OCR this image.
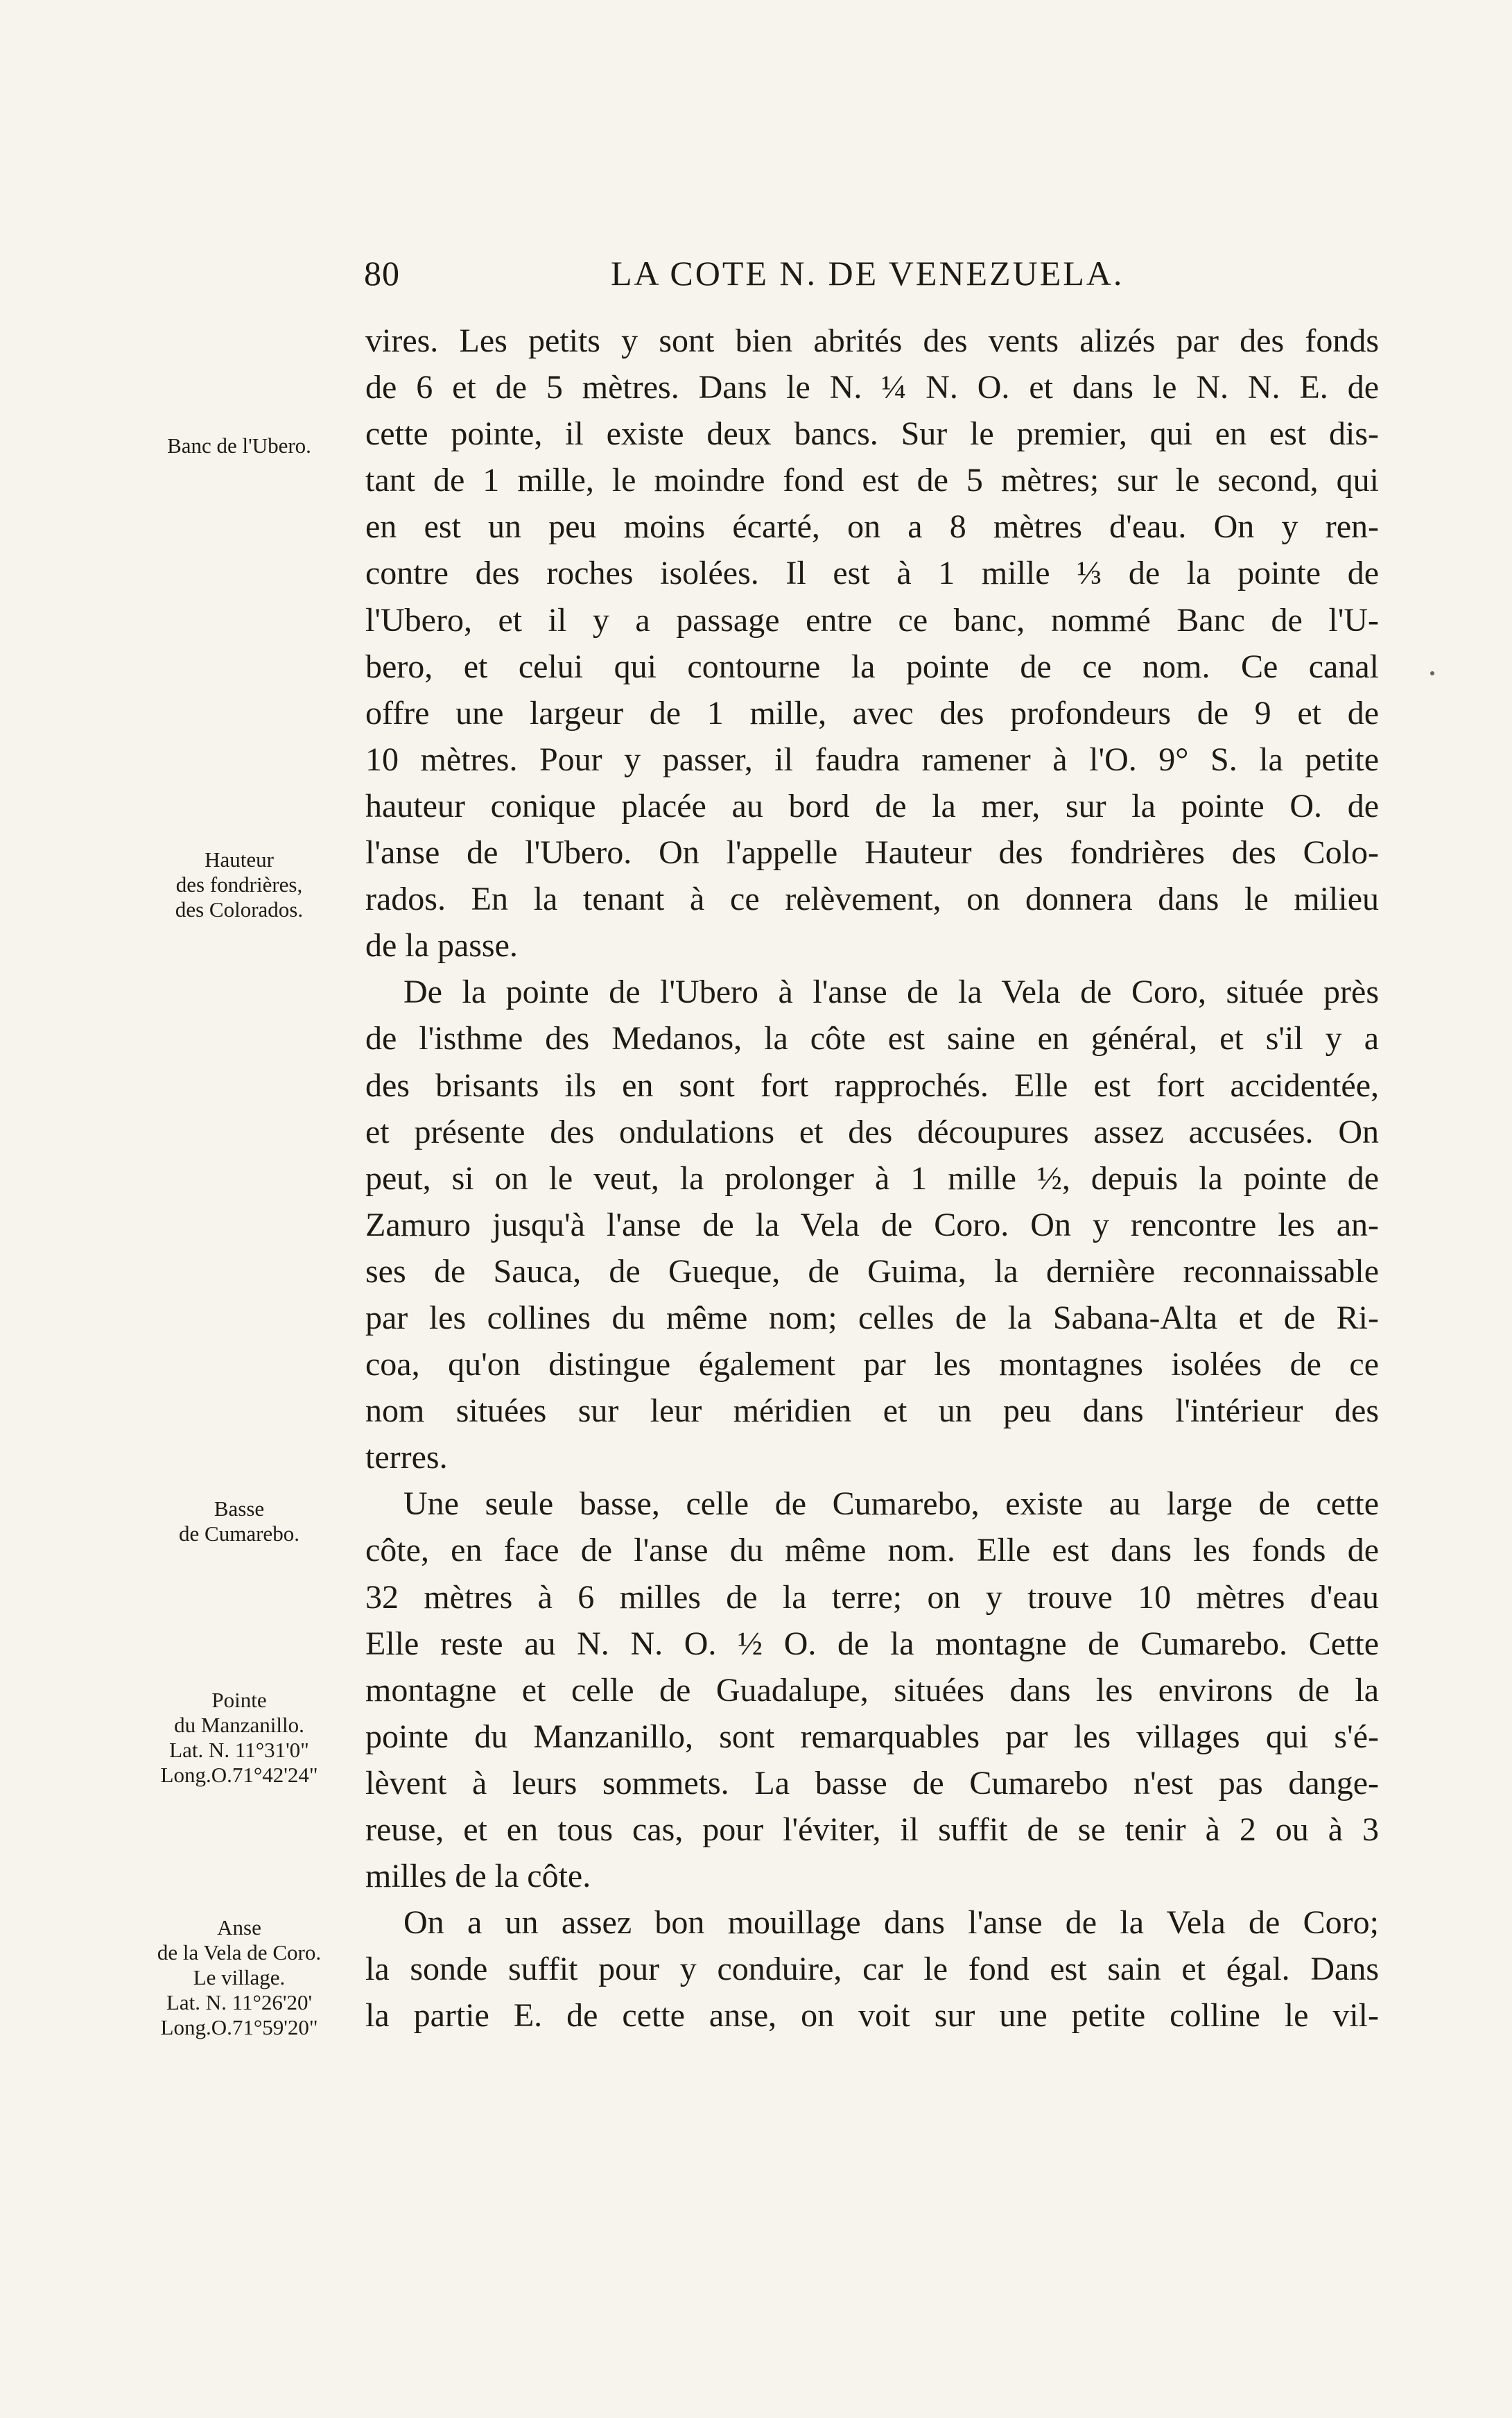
80	LA COTE N. DE VENEZUELA.
vires. Les petits y sont bien abrités des vents alizés par des fonds
de 6 et de 5 mètres. Dans le N. ¼ N. O. et dans le N. N. E. de
cette pointe, il existe deux bancs. Sur le premier, qui en est dis-
tant de 1 mille, le moindre fond est de 5 mètres; sur le second, qui
en est un peu moins écarté, on a 8 mètres d'eau. On y ren-
contre des roches isolées. Il est à 1 mille ⅓ de la pointe de
l'Ubero, et il y a passage entre ce banc, nommé Banc de l'U-
bero, et celui qui contourne la pointe de ce nom. Ce canal
offre une largeur de 1 mille, avec des profondeurs de 9 et de
10 mètres. Pour y passer, il faudra ramener à l'O. 9° S. la petite
hauteur conique placée au bord de la mer, sur la pointe O. de
l'anse de l'Ubero. On l'appelle Hauteur des fondrières des Colo-
rados. En la tenant à ce relèvement, on donnera dans le milieu
de la passe.
De la pointe de l'Ubero à l'anse de la Vela de Coro, située près
de l'isthme des Medanos, la côte est saine en général, et s'il y a
des brisants ils en sont fort rapprochés. Elle est fort accidentée,
et présente des ondulations et des découpures assez accusées. On
peut, si on le veut, la prolonger à 1 mille ½, depuis la pointe de
Zamuro jusqu'à l'anse de la Vela de Coro. On y rencontre les an-
ses de Sauca, de Gueque, de Guima, la dernière reconnaissable
par les collines du même nom; celles de la Sabana-Alta et de Ri-
coa, qu'on distingue également par les montagnes isolées de ce
nom situées sur leur méridien et un peu dans l'intérieur des
terres.
Une seule basse, celle de Cumarebo, existe au large de cette
côte, en face de l'anse du même nom. Elle est dans les fonds de
32 mètres à 6 milles de la terre; on y trouve 10 mètres d'eau
Elle reste au N. N. O. ½ O. de la montagne de Cumarebo. Cette
montagne et celle de Guadalupe, situées dans les environs de la
pointe du Manzanillo, sont remarquables par les villages qui s'é-
lèvent à leurs sommets. La basse de Cumarebo n'est pas dange-
reuse, et en tous cas, pour l'éviter, il suffit de se tenir à 2 ou à 3
milles de la côte.
On a un assez bon mouillage dans l'anse de la Vela de Coro;
la sonde suffit pour y conduire, car le fond est sain et égal. Dans
la partie E. de cette anse, on voit sur une petite colline le vil-
Banc de l'Ubero.
Hauteur
des fondrières,
des Colorados.
Basse
de Cumarebo.
Pointe
du Manzanillo.
Lat. N. 11°31'0"
Long.O.71°42'24"
Anse
de la Vela de Coro.
Le village.
Lat. N. 11°26'20'
Long.O.71°59'20"
